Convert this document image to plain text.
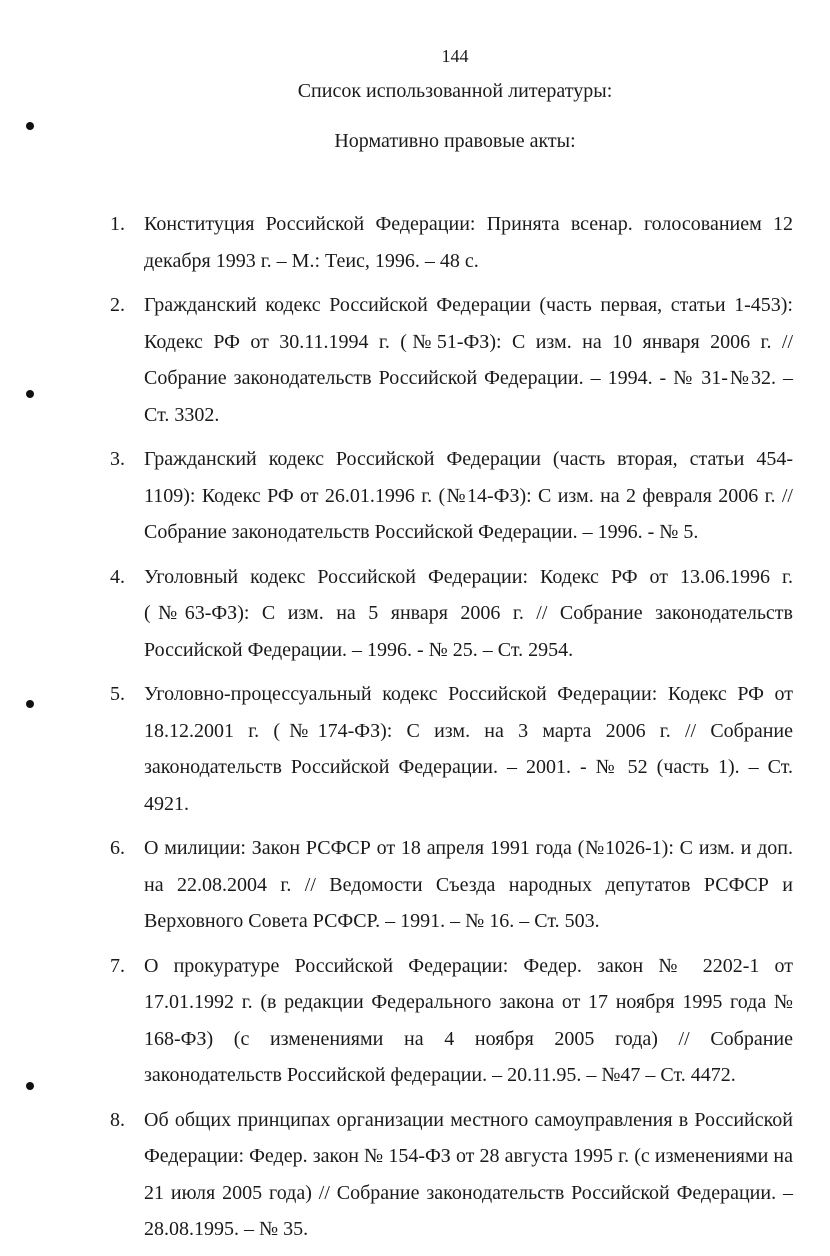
144
Список использованной литературы:
Нормативно правовые акты:
1. Конституция Российской Федерации: Принята всенар. голосованием 12 декабря 1993 г. – М.: Теис, 1996. – 48 с.
2. Гражданский кодекс Российской Федерации (часть первая, статьи 1-453): Кодекс РФ от 30.11.1994 г. (№51-ФЗ): С изм. на 10 января 2006 г. // Собрание законодательств Российской Федерации. – 1994. - № 31-№32. – Ст. 3302.
3. Гражданский кодекс Российской Федерации (часть вторая, статьи 454-1109): Кодекс РФ от 26.01.1996 г. (№14-ФЗ): С изм. на 2 февраля 2006 г. // Собрание законодательств Российской Федерации. – 1996. - № 5.
4. Уголовный кодекс Российской Федерации: Кодекс РФ от 13.06.1996 г. (№63-ФЗ): С изм. на 5 января 2006 г. // Собрание законодательств Российской Федерации. – 1996. - № 25. – Ст. 2954.
5. Уголовно-процессуальный кодекс Российской Федерации: Кодекс РФ от 18.12.2001 г. (№174-ФЗ): С изм. на 3 марта 2006 г. // Собрание законодательств Российской Федерации. – 2001. - № 52 (часть 1). – Ст. 4921.
6. О милиции: Закон РСФСР от 18 апреля 1991 года (№1026-1): С изм. и доп. на 22.08.2004 г. // Ведомости Съезда народных депутатов РСФСР и Верховного Совета РСФСР. – 1991. – № 16. – Ст. 503.
7. О прокуратуре Российской Федерации: Федер. закон № 2202-1 от 17.01.1992 г. (в редакции Федерального закона от 17 ноября 1995 года № 168-ФЗ) (с изменениями на 4 ноября 2005 года) // Собрание законодательств Российской федерации. – 20.11.95. – №47 – Ст. 4472.
8. Об общих принципах организации местного самоуправления в Российской Федерации: Федер. закон № 154-ФЗ от 28 августа 1995 г. (с изменениями на 21 июля 2005 года) // Собрание законодательств Российской Федерации. – 28.08.1995. – № 35.
